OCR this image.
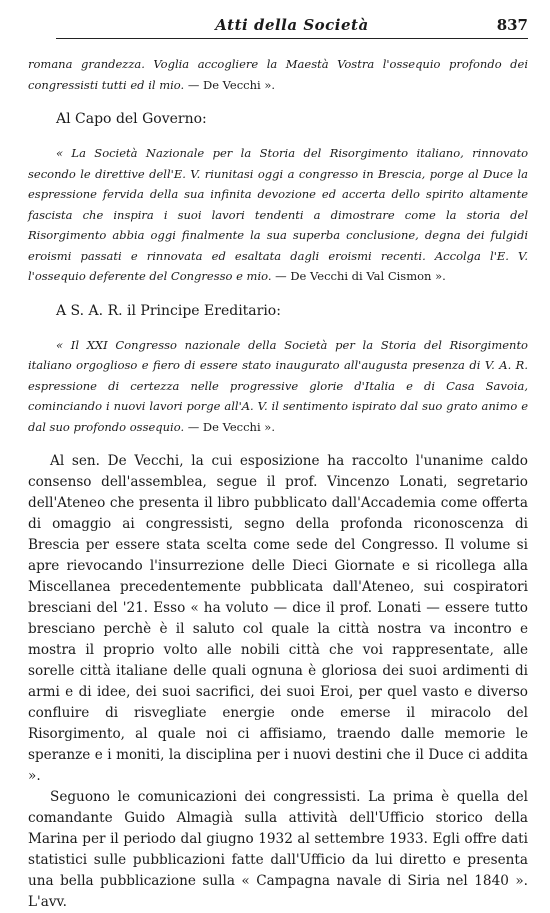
Atti della Società	837

romana grandezza. Voglia accogliere la Maestà Vostra l'ossequio profondo dei congressisti tutti ed il mio. — De Vecchi ».

Al Capo del Governo:

« La Società Nazionale per la Storia del Risorgimento italiano, rinnovato secondo le direttive dell'E. V. riunitasi oggi a congresso in Brescia, porge al Duce la espressione fervida della sua infinita devozione ed accerta dello spirito altamente fascista che inspira i suoi lavori tendenti a dimostrare come la storia del Risorgimento abbia oggi finalmente la sua superba conclusione, degna dei fulgidi eroismi passati e rinnovata ed esaltata dagli eroismi recenti. Accolga l'E. V. l'ossequio deferente del Congresso e mio. — De Vecchi di Val Cismon ».

A S. A. R. il Principe Ereditario:

« Il XXI Congresso nazionale della Società per la Storia del Risorgimento italiano orgoglioso e fiero di essere stato inaugurato all'augusta presenza di V. A. R. espressione di certezza nelle progressive glorie d'Italia e di Casa Savoia, cominciando i nuovi lavori porge all'A. V. il sentimento ispirato dal suo grato animo e dal suo profondo ossequio. — De Vecchi ».

Al sen. De Vecchi, la cui esposizione ha raccolto l'unanime caldo consenso dell'assemblea, segue il prof. Vincenzo Lonati, segretario dell'Ateneo che presenta il libro pubblicato dall'Accademia come offerta di omaggio ai congressisti, segno della profonda riconoscenza di Brescia per essere stata scelta come sede del Congresso. Il volume si apre rievocando l'insurrezione delle Dieci Giornate e si ricollega alla Miscellanea precedentemente pubblicata dall'Ateneo, sui cospiratori bresciani del '21. Esso « ha voluto — dice il prof. Lonati — essere tutto bresciano perchè è il saluto col quale la città nostra va incontro e mostra il proprio volto alle nobili città che voi rappresentate, alle sorelle città italiane delle quali ognuna è gloriosa dei suoi ardimenti di armi e di idee, dei suoi sacrifici, dei suoi Eroi, per quel vasto e diverso confluire di risvegliate energie onde emerse il miracolo del Risorgimento, al quale noi ci affisiamo, traendo dalle memorie le speranze e i moniti, la disciplina per i nuovi destini che il Duce ci addita ».

Seguono le comunicazioni dei congressisti. La prima è quella del comandante Guido Almagià sulla attività dell'Ufficio storico della Marina per il periodo dal giugno 1932 al settembre 1933. Egli offre dati statistici sulle pubblicazioni fatte dall'Ufficio da lui diretto e presenta una bella pubblicazione sulla « Campagna navale di Siria nel 1840 ». L'avv.
